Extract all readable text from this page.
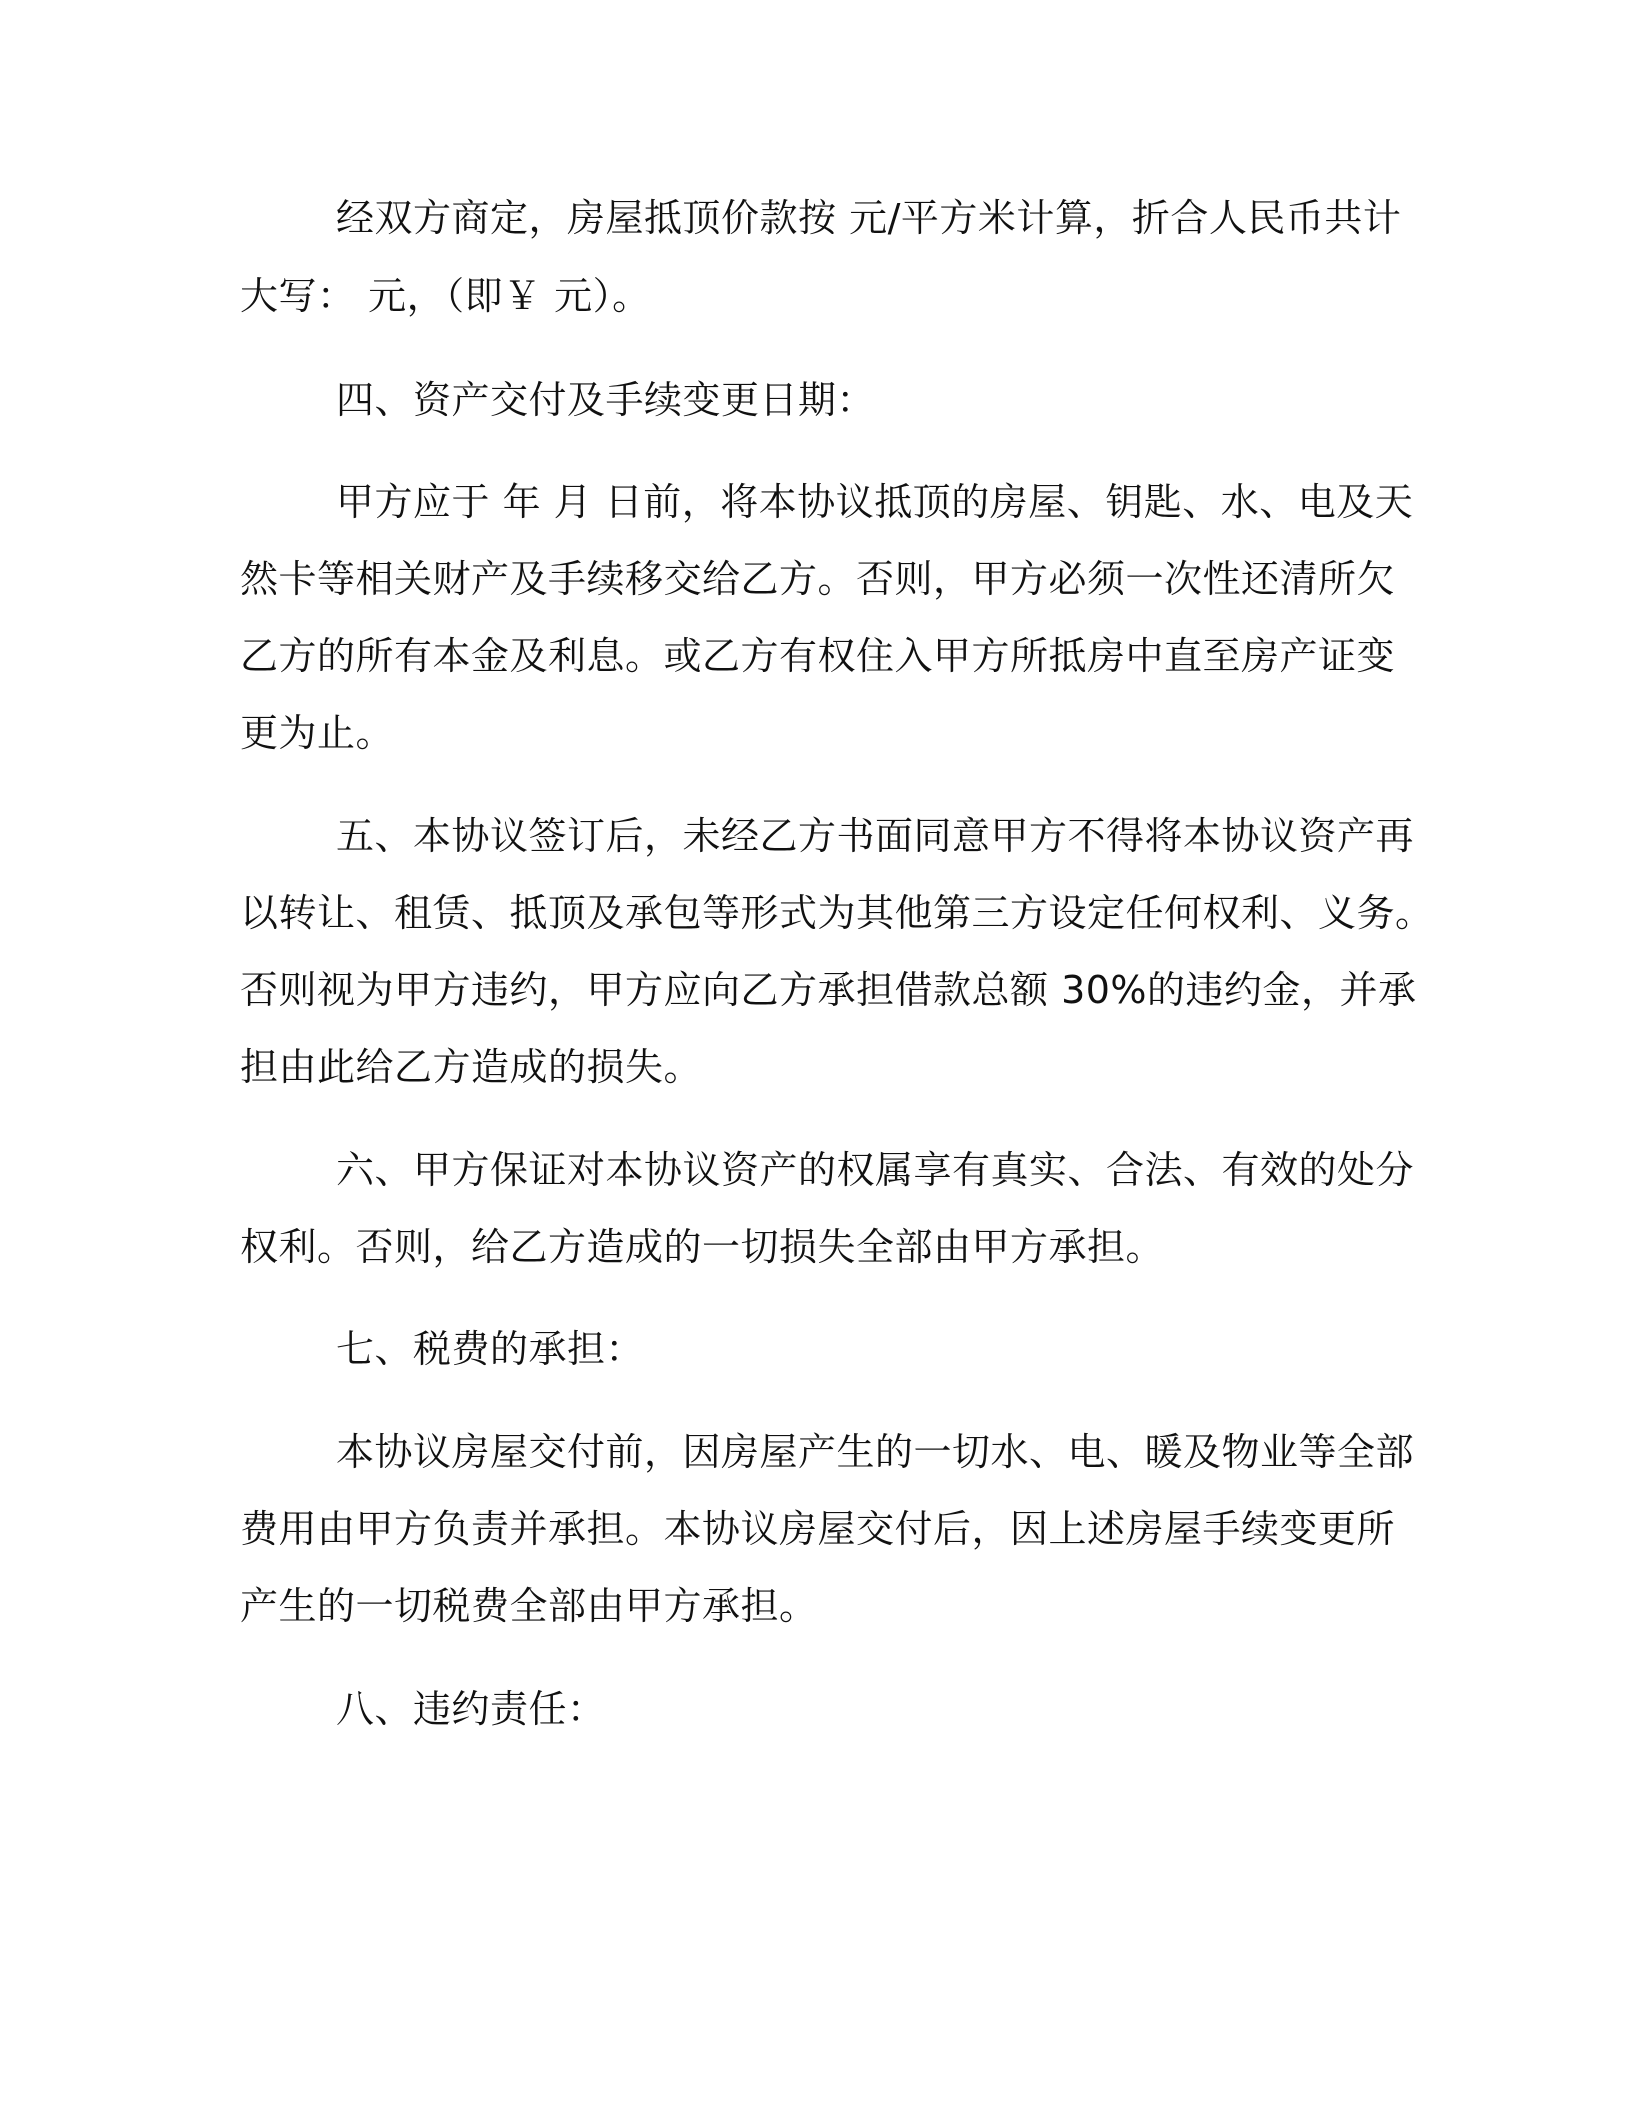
经双方商定，房屋抵顶价款按 元/平方米计算，折合人民币共计
大写： 元，（即￥ 元）。
四、资产交付及手续变更日期：
甲方应于 年 月 日前，将本协议抵顶的房屋、钥匙、水、电及天
然卡等相关财产及手续移交给乙方。否则，甲方必须一次性还清所欠
乙方的所有本金及利息。或乙方有权住入甲方所抵房中直至房产证变
更为止。
五、本协议签订后，未经乙方书面同意甲方不得将本协议资产再
以转让、租赁、抵顶及承包等形式为其他第三方设定任何权利、义务。
否则视为甲方违约，甲方应向乙方承担借款总额 30%的违约金，并承
担由此给乙方造成的损失。
六、甲方保证对本协议资产的权属享有真实、合法、有效的处分
权利。否则，给乙方造成的一切损失全部由甲方承担。
七、税费的承担：
本协议房屋交付前，因房屋产生的一切水、电、暖及物业等全部
费用由甲方负责并承担。本协议房屋交付后，因上述房屋手续变更所
产生的一切税费全部由甲方承担。
八、违约责任：
